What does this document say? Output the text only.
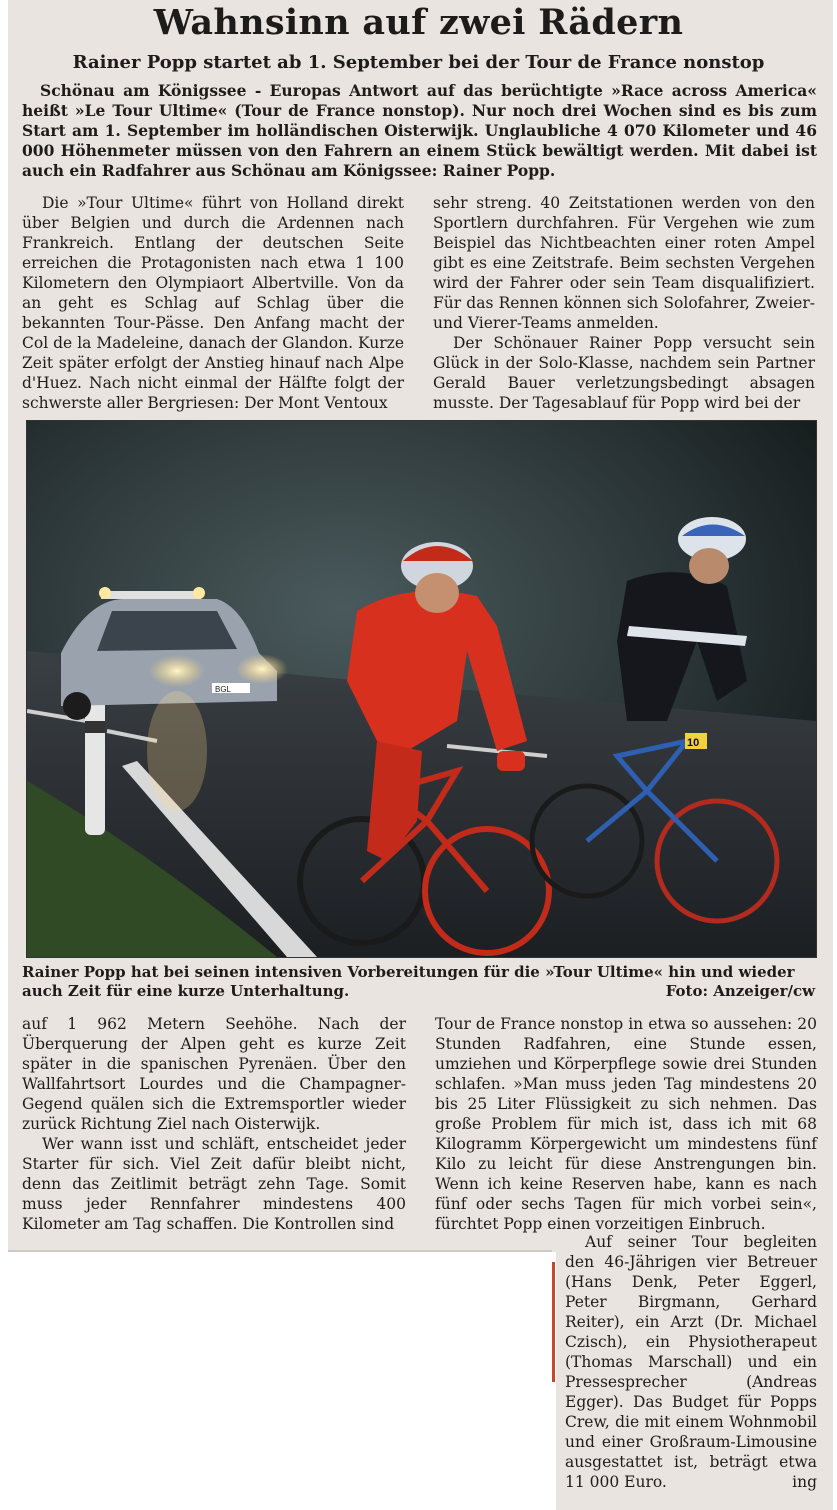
Wahnsinn auf zwei Rädern
Rainer Popp startet ab 1. September bei der Tour de France nonstop
Schönau am Königssee - Europas Antwort auf das berüchtigte »Race across America« heißt »Le Tour Ultime« (Tour de France nonstop). Nur noch drei Wochen sind es bis zum Start am 1. September im holländischen Oisterwijk. Unglaubliche 4 070 Kilometer und 46 000 Höhenmeter müssen von den Fahrern an einem Stück bewältigt werden. Mit dabei ist auch ein Radfahrer aus Schönau am Königssee: Rainer Popp.

Die »Tour Ultime« führt von Holland direkt über Belgien und durch die Ardennen nach Frankreich. Entlang der deutschen Seite erreichen die Protagonisten nach etwa 1 100 Kilometern den Olympiaort Albertville. Von da an geht es Schlag auf Schlag über die bekannten Tour-Pässe. Den Anfang macht der Col de la Madeleine, danach der Glandon. Kurze Zeit später erfolgt der Anstieg hinauf nach Alpe d'Huez. Nach nicht einmal der Hälfte folgt der schwerste aller Bergriesen: Der Mont Ventoux

sehr streng. 40 Zeitstationen werden von den Sportlern durchfahren. Für Vergehen wie zum Beispiel das Nichtbeachten einer roten Ampel gibt es eine Zeitstrafe. Beim sechsten Vergehen wird der Fahrer oder sein Team disqualifiziert. Für das Rennen können sich Solofahrer, Zweier- und Vierer-Teams anmelden.

Der Schönauer Rainer Popp versucht sein Glück in der Solo-Klasse, nachdem sein Partner Gerald Bauer verletzungsbedingt absagen musste. Der Tagesablauf für Popp wird bei der

BGL
10
Rainer Popp hat bei seinen intensiven Vorbereitungen für die »Tour Ultime« hin und wieder auch Zeit für eine kurze Unterhaltung.	Foto: Anzeiger/cw

auf 1 962 Metern Seehöhe. Nach der Überquerung der Alpen geht es kurze Zeit später in die spanischen Pyrenäen. Über den Wallfahrtsort Lourdes und die Champagner-Gegend quälen sich die Extremsportler wieder zurück Richtung Ziel nach Oisterwijk.

Wer wann isst und schläft, entscheidet jeder Starter für sich. Viel Zeit dafür bleibt nicht, denn das Zeitlimit beträgt zehn Tage. Somit muss jeder Rennfahrer mindestens 400 Kilometer am Tag schaffen. Die Kontrollen sind

Tour de France nonstop in etwa so aussehen: 20 Stunden Radfahren, eine Stunde essen, umziehen und Körperpflege sowie drei Stunden schlafen. »Man muss jeden Tag mindestens 20 bis 25 Liter Flüssigkeit zu sich nehmen. Das große Problem für mich ist, dass ich mit 68 Kilogramm Körpergewicht um mindestens fünf Kilo zu leicht für diese Anstrengungen bin. Wenn ich keine Reserven habe, kann es nach fünf oder sechs Tagen für mich vorbei sein«, fürchtet Popp einen vorzeitigen Einbruch.

Auf seiner Tour begleiten den 46-Jährigen vier Betreuer (Hans Denk, Peter Eggerl, Peter Birgmann, Gerhard Reiter), ein Arzt (Dr. Michael Czisch), ein Physiotherapeut (Thomas Marschall) und ein Pressesprecher (Andreas Egger). Das Budget für Popps Crew, die mit einem Wohnmobil und einer Großraum-Limousine ausgestattet ist, beträgt etwa 11 000 Euro.	ing
